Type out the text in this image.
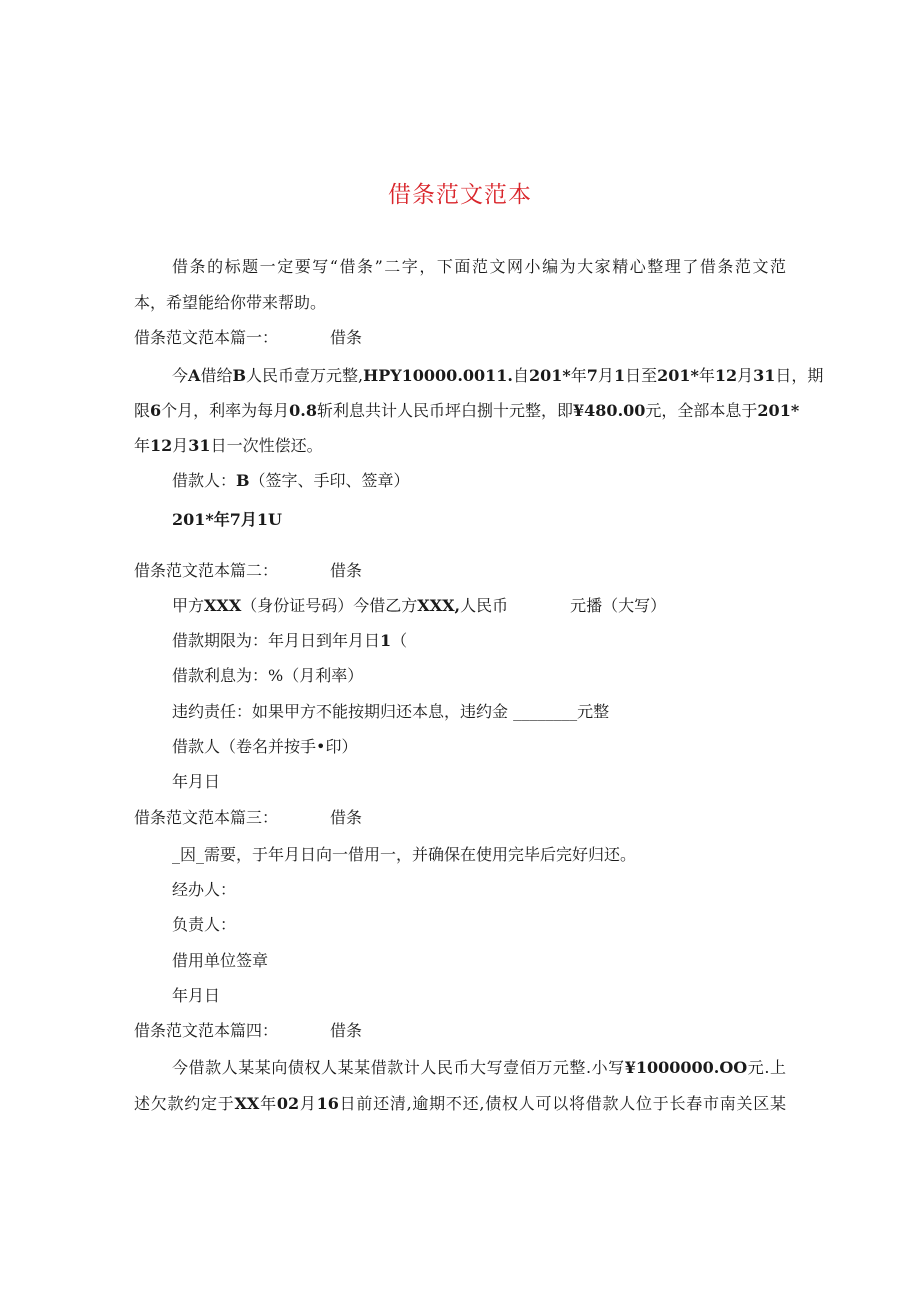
借条范文范本

借条的标题一定要写“借条”二字，下面范文网小编为大家精心整理了借条范文范

本，希望能给你带来帮助。

借条范文范本篇一：	借条

今A借给B人民币壹万元整,HPY10000.0011.自201*年7月1日至201*年12月31日，期

限6个月，利率为每月0.8斩利息共计人民币坪白捌十元整，即¥480.00元，全部本息于201*

年12月31日一次性偿还。

借款人：B（签字、手印、签章）

201*年7月1U

借条范文范本篇二：	借条

甲方XXX（身份证号码）今借乙方XXX,人民币	元播（大写）

借款期限为：年月日到年月日1（

借款利息为：%（月利率）

违约责任：如果甲方不能按期归还本息，违约金 ________元整

借款人（卷名并按手•印）

年月日

借条范文范本篇三：	借条

_因_需要，于年月日向一借用一，并确保在使用完毕后完好归还。

经办人：

负责人：

借用单位签章

年月日

借条范文范本篇四：	借条

今借款人某某向债权人某某借款计人民币大写壹佰万元整.小写¥1000000.OO元.上

述欠款约定于XX年02月16日前还清,逾期不还,债权人可以将借款人位于长春市南关区某
